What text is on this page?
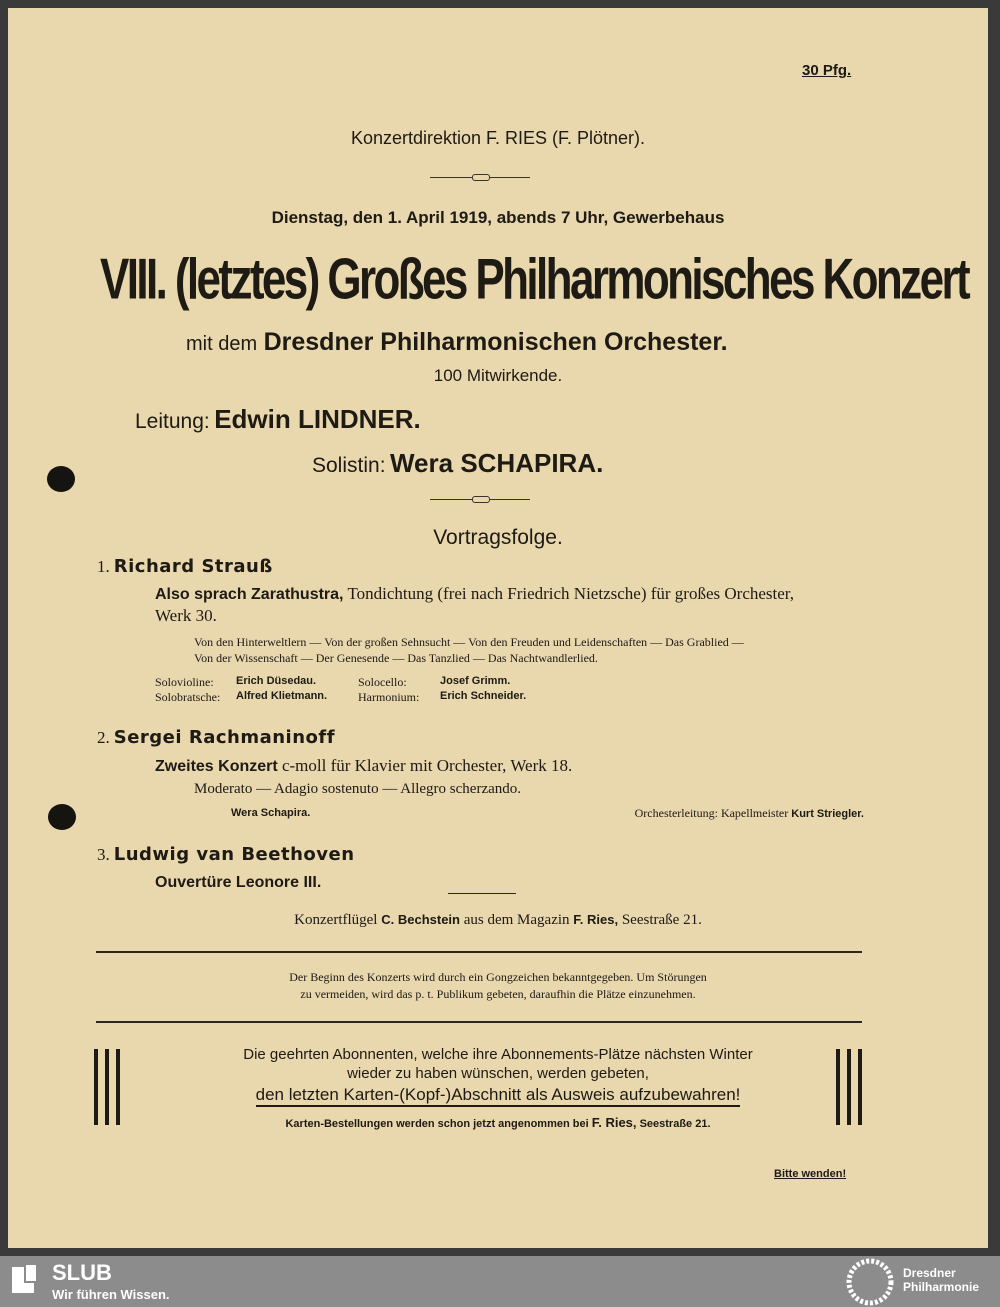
30 Pfg.
Konzertdirektion F. RIES (F. Plötner).
Dienstag, den 1. April 1919, abends 7 Uhr, Gewerbehaus
VIII. (letztes) Großes Philharmonisches Konzert
mit dem Dresdner Philharmonischen Orchester.
100 Mitwirkende.
Leitung: Edwin LINDNER.
Solistin: Wera SCHAPIRA.
Vortragsfolge.
1. Richard Strauß
Also sprach Zarathustra, Tondichtung (frei nach Friedrich Nietzsche) für großes Orchester,
Werk 30.
Von den Hinterweltlern — Von der großen Sehnsucht — Von den Freuden und Leidenschaften — Das Grablied —
Von der Wissenschaft — Der Genesende — Das Tanzlied — Das Nachtwandlerlied.
Solovioline: Erich Düsedau.	Solocello:	Josef Grimm.
Solobratsche: Alfred Klietmann.	Harmonium: Erich Schneider.
2. Sergei Rachmaninoff
Zweites Konzert c-moll für Klavier mit Orchester, Werk 18.
Moderato — Adagio sostenuto — Allegro scherzando.
Wera Schapira.	Orchesterleitung: Kapellmeister Kurt Striegler.
3. Ludwig van Beethoven
Ouvertüre Leonore III.
Konzertflügel C. Bechstein aus dem Magazin F. Ries, Seestraße 21.
Der Beginn des Konzerts wird durch ein Gongzeichen bekanntgegeben. Um Störungen
zu vermeiden, wird das p. t. Publikum gebeten, daraufhin die Plätze einzunehmen.
Die geehrten Abonnenten, welche ihre Abonnements-Plätze nächsten Winter
wieder zu haben wünschen, werden gebeten,
den letzten Karten-(Kopf-)Abschnitt als Ausweis aufzubewahren!
Karten-Bestellungen werden schon jetzt angenommen bei F. Ries, Seestraße 21.
Bitte wenden!
SLUB
Wir führen Wissen.
Dresdner
Philharmonie
